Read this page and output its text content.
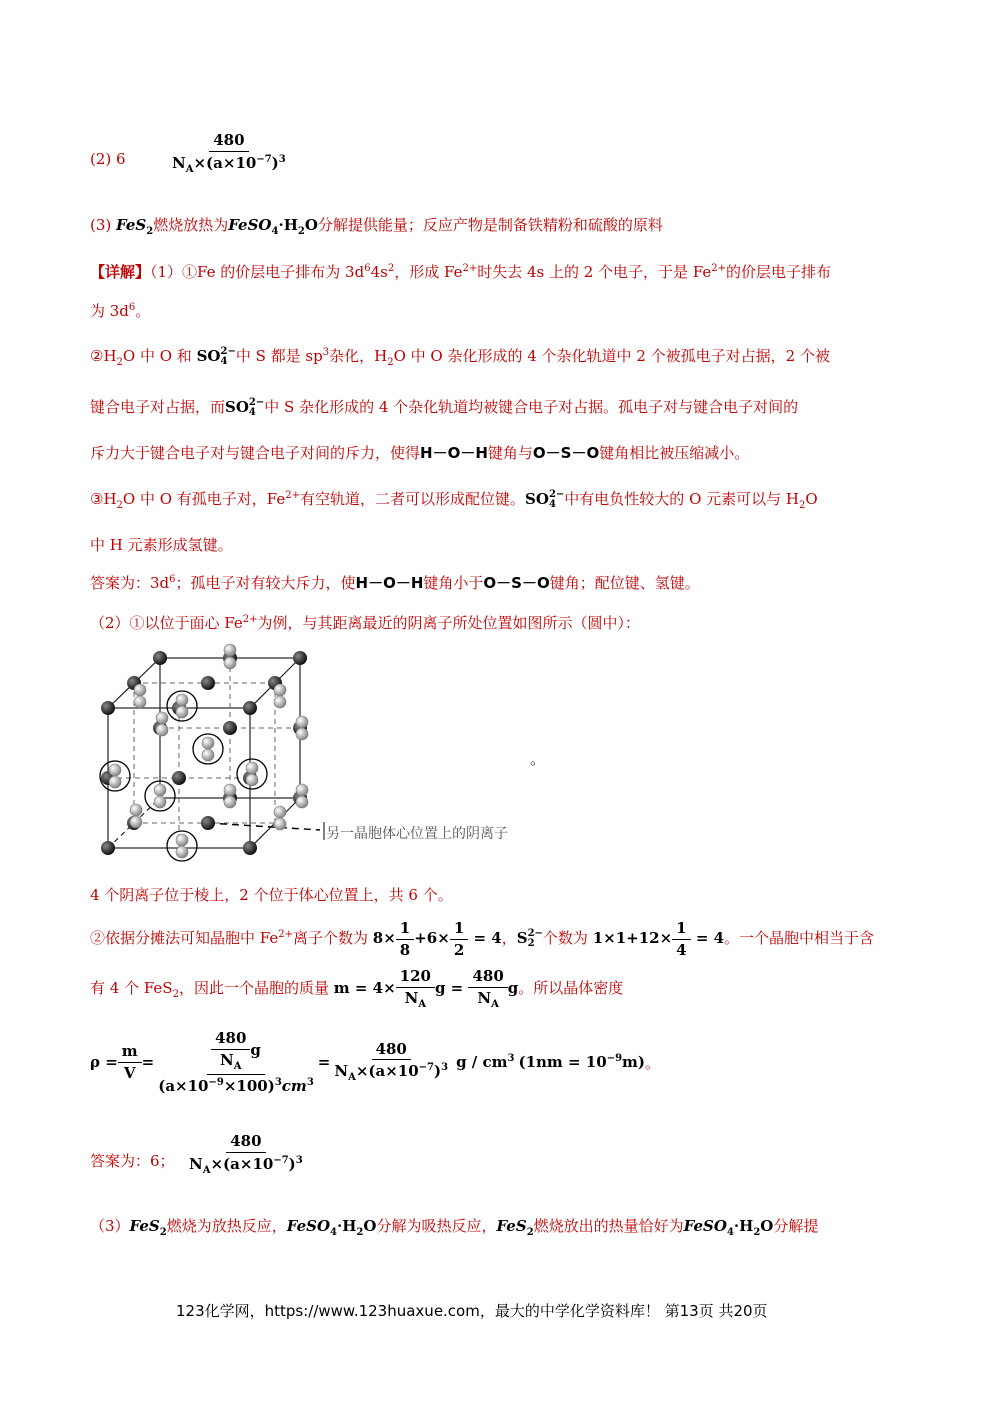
(2) 6	$\frac{480}{N_A\times(a\times 10^{-7})^3}$
(3) FeS$_2$燃烧放热为$FeSO_4\cdot H_2O$分解提供能量；反应产物是制备铁精粉和硫酸的原料
【详解】（1）①Fe 的价层电子排布为 $3d^64s^2$，形成 $Fe^{2+}$时失去 4s 上的 2 个电子，于是 $Fe^{2+}$的价层电子排布
为 $3d^6$。
$②H_2O$ 中 O 和 SO 2−
4 中 S 都是 $sp^3$杂化，$H_2O$ 中 O 杂化形成的 4 个杂化轨道中 2 个被孤电子对占据，2 个被
键合电子对占据，而SO 2−
4 中 S 杂化形成的 4 个杂化轨道均被键合电子对占据。孤电子对与键合电子对间的
斥力大于键合电子对与键合电子对间的斥力，使得H－O－H键角与O－S－O键角相比被压缩减小。
$③H_2O$ 中 O 有孤电子对，$Fe^{2+}$有空轨道，二者可以形成配位键。SO 2−
4 中有电负性较大的 O 元素可以与 $H_2O$
中 H 元素形成氢键。
答案为：$3d^6$；孤电子对有较大斥力，使H－O－H键角小于O－S－O键角；配位键、氢键。
（2）①以位于面心 $Fe^{2+}$为例，与其距离最近的阴离子所处位置如图所示（圆中）：
另一晶胞体心位置上的阴离子
。
4 个阴离子位于棱上，2 个位于体心位置上，共 6 个。
②依据分摊法可知晶胞中 $Fe^{2+}$离子个数为 $8\times \frac{1}{8} +6\times \frac{1}{2} = 4$，S 2−
2 个数为 $1\times 1+12\times \frac{1}{4} = 4$。一个晶胞中相当于含
有 4 个 FeS$_2$，因此一个晶胞的质量 $m = 4\times \frac{120}{N_A}$ $g = \frac{480}{N_A}$ g。所以晶体密度
$\rho = \frac{m}{V} = \frac{\frac{480}{N_A} g}{(a\times 10^{-9}\times 100)^3cm^3} = \frac{480}{N_A\times(a\times 10^{-7})^3}$ g / $cm^3$ $(1nm = 10^{-9}m)$ 。
答案为：6； $\frac{480}{N_A\times(a\times 10^{-7})^3}$
（3）FeS$_2$燃烧为放热反应，$FeSO_4\cdot H_2O$分解为吸热反应，FeS$_2$燃烧放出的热量恰好为$FeSO_4\cdot H_2O$分解提
123化学网，https://www.123huaxue.com，最大的中学化学资料库！ 第13页 共20页
